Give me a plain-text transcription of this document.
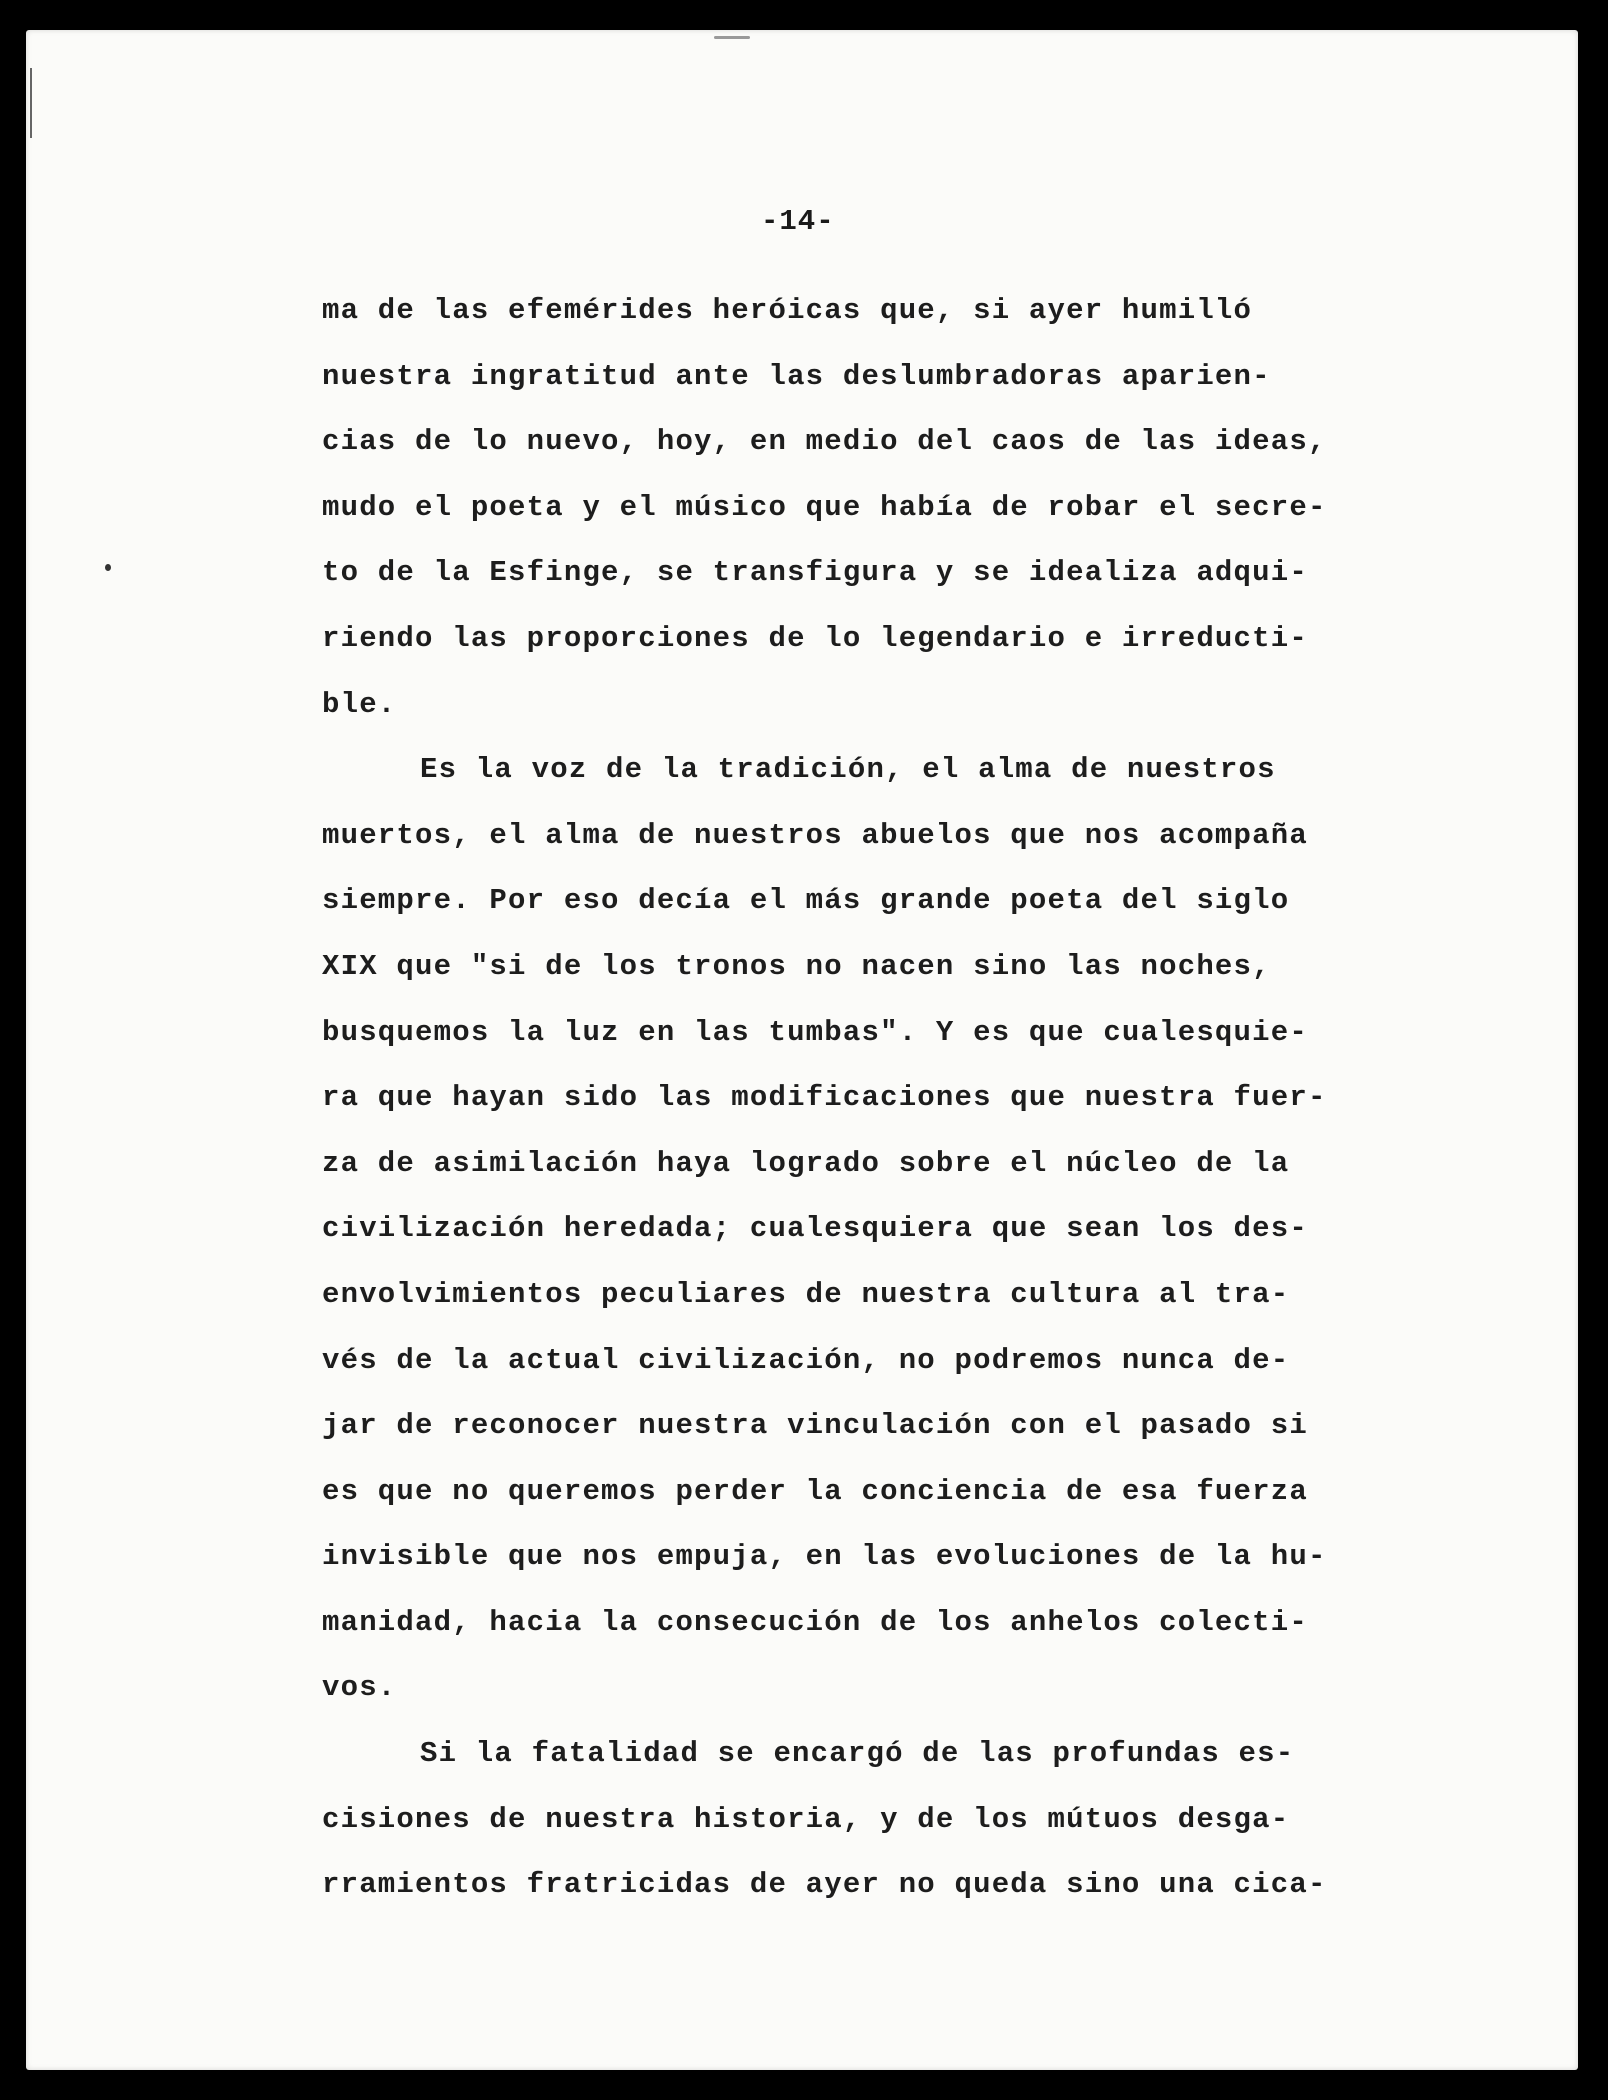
-14-
ma de las efemérides heróicas que, si ayer humilló
nuestra ingratitud ante las deslumbradoras aparien-
cias de lo nuevo, hoy, en medio del caos de las ideas,
mudo el poeta y el músico que había de robar el secre-
to de la Esfinge, se transfigura y se idealiza adqui-
riendo las proporciones de lo legendario e irreducti-
ble.
Es la voz de la tradición, el alma de nuestros
muertos, el alma de nuestros abuelos que nos acompaña
siempre. Por eso decía el más grande poeta del siglo
XIX que "si de los tronos no nacen sino las noches,
busquemos la luz en las tumbas". Y es que cualesquie-
ra que hayan sido las modificaciones que nuestra fuer-
za de asimilación haya logrado sobre el núcleo de la
civilización heredada; cualesquiera que sean los des-
envolvimientos peculiares de nuestra cultura al tra-
vés de la actual civilización, no podremos nunca de-
jar de reconocer nuestra vinculación con el pasado si
es que no queremos perder la conciencia de esa fuerza
invisible que nos empuja, en las evoluciones de la hu-
manidad, hacia la consecución de los anhelos colecti-
vos.
Si la fatalidad se encargó de las profundas es-
cisiones de nuestra historia, y de los mútuos desga-
rramientos fratricidas de ayer no queda sino una cica-
